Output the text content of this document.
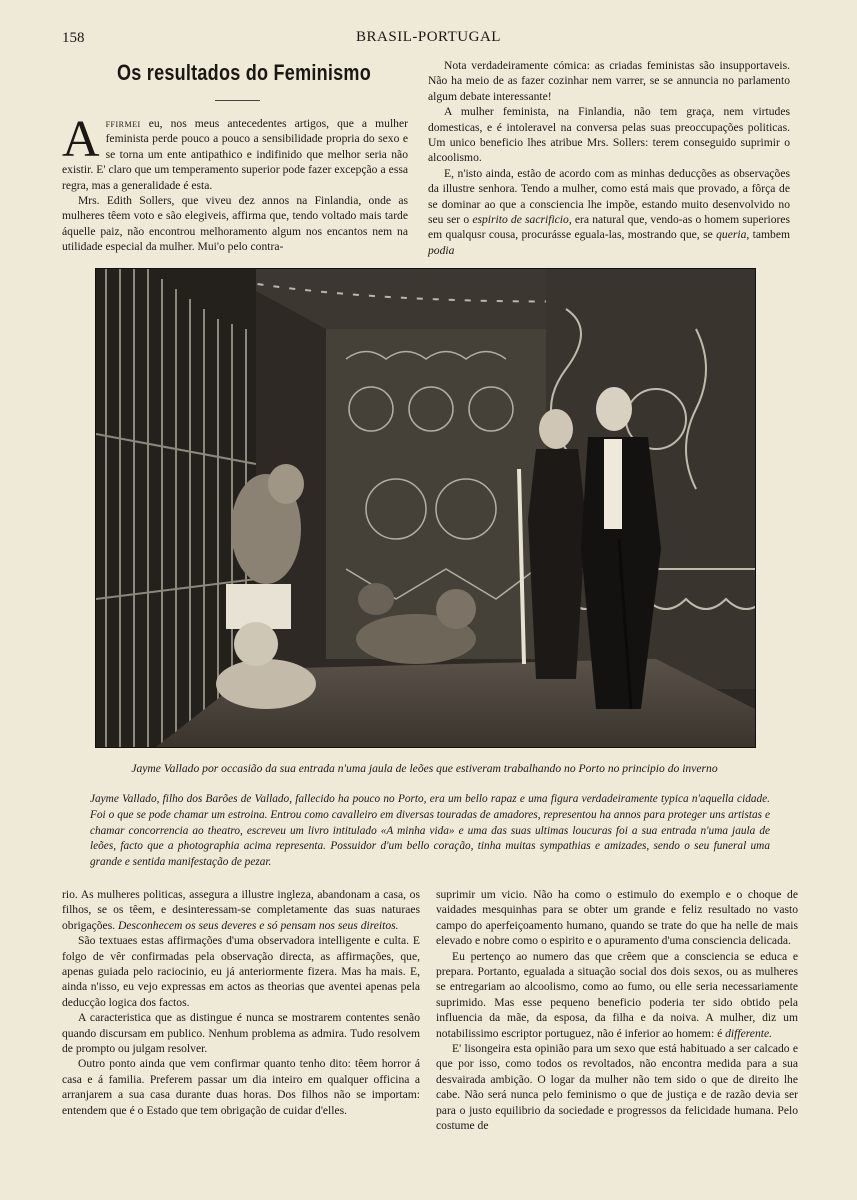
158	BRASIL-PORTUGAL
Os resultados do Feminismo

Affirmei eu, nos meus antecedentes artigos, que a mulher feminista perde pouco a pouco a sensibilidade propria do sexo e se torna um ente antipathico e indifinido que melhor seria não existir. E' claro que um temperamento superior pode fazer excepção a essa regra, mas a generalidade é esta.

Mrs. Edith Sollers, que viveu dez annos na Finlandia, onde as mulheres têem voto e são elegiveis, affirma que, tendo voltado mais tarde áquelle paiz, não encontrou melhoramento algum nos encantos nem na utilidade especial da mulher. Mui'o pelo contra-

Nota verdadeiramente cómica: as criadas feministas são insupportaveis. Não ha meio de as fazer cozinhar nem varrer, se se annuncia no parlamento algum debate interessante!

A mulher feminista, na Finlandia, não tem graça, nem virtudes domesticas, e é intoleravel na conversa pelas suas preoccupações politicas. Um unico beneficio lhes atribue Mrs. Sollers: terem conseguido suprimir o alcoolismo.

E, n'isto ainda, estão de acordo com as minhas deducções as observações da illustre senhora. Tendo a mulher, como está mais que provado, a fôrça de se dominar ao que a consciencia lhe impõe, estando muito desenvolvido no seu ser o espirito de sacrificio, era natural que, vendo-as o homem superiores em qualqusr cousa, procurásse eguala-las, mostrando que, se queria, tambem podia

Jayme Vallado por occasião da sua entrada n'uma jaula de leões que estiveram trabalhando no Porto no principio do inverno
Jayme Vallado, filho dos Barões de Vallado, fallecido ha pouco no Porto, era um bello rapaz e uma figura verdadeiramente typica n'aquella cidade. Foi o que se pode chamar um estroina. Entrou como cavalleiro em diversas touradas de amadores, representou ha annos para proteger uns artistas e chamar concorrencia ao theatro, escreveu um livro intitulado «A minha vida» e uma das suas ultimas loucuras foi a sua entrada n'uma jaula de leões, facto que a photographia acima representa. Possuidor d'um bello coração, tinha muitas sympathias e amizades, sendo o seu funeral uma grande e sentida manifestação de pezar.

rio. As mulheres politicas, assegura a illustre ingleza, abandonam a casa, os filhos, se os têem, e desinteressam-se completamente das suas naturaes obrigações. Desconhecem os seus deveres e só pensam nos seus direitos.

São textuaes estas affirmações d'uma observadora intelligente e culta. E folgo de vêr confirmadas pela observação directa, as affirmações, que, apenas guiada pelo raciocinio, eu já anteriormente fizera. Mas ha mais. E, ainda n'isso, eu vejo expressas em actos as theorias que aventei apenas pela deducção logica dos factos.

A caracteristica que as distingue é nunca se mostrarem contentes senão quando discursam em publico. Nenhum problema as admira. Tudo resolvem de prompto ou julgam resolver.

Outro ponto ainda que vem confirmar quanto tenho dito: têem horror á casa e á familia. Preferem passar um dia inteiro em qualquer officina a arranjarem a sua casa durante duas horas. Dos filhos não se importam: entendem que é o Estado que tem obrigação de cuidar d'elles.

suprimir um vicio. Não ha como o estimulo do exemplo e o choque de vaidades mesquinhas para se obter um grande e feliz resultado no vasto campo do aperfeiçoamento humano, quando se trate do que ha nelle de mais elevado e nobre como o espirito e o apuramento d'uma consciencia delicada.

Eu pertenço ao numero das que crêem que a consciencia se educa e prepara. Portanto, egualada a situação social dos dois sexos, ou as mulheres se entregariam ao alcoolismo, como ao fumo, ou elle seria necessariamente suprimido. Mas esse pequeno beneficio poderia ter sido obtido pela influencia da mãe, da esposa, da filha e da noiva. A mulher, diz um notabilissimo escriptor portuguez, não é inferior ao homem: é differente.

E' lisongeira esta opinião para um sexo que está habituado a ser calcado e que por isso, como todos os revoltados, não encontra medida para a sua desvairada ambição. O logar da mulher não tem sido o que de direito lhe cabe. Não será nunca pelo feminismo o que de justiça e de razão devia ser para o justo equilibrio da sociedade e progressos da felicidade humana. Pelo costume de
